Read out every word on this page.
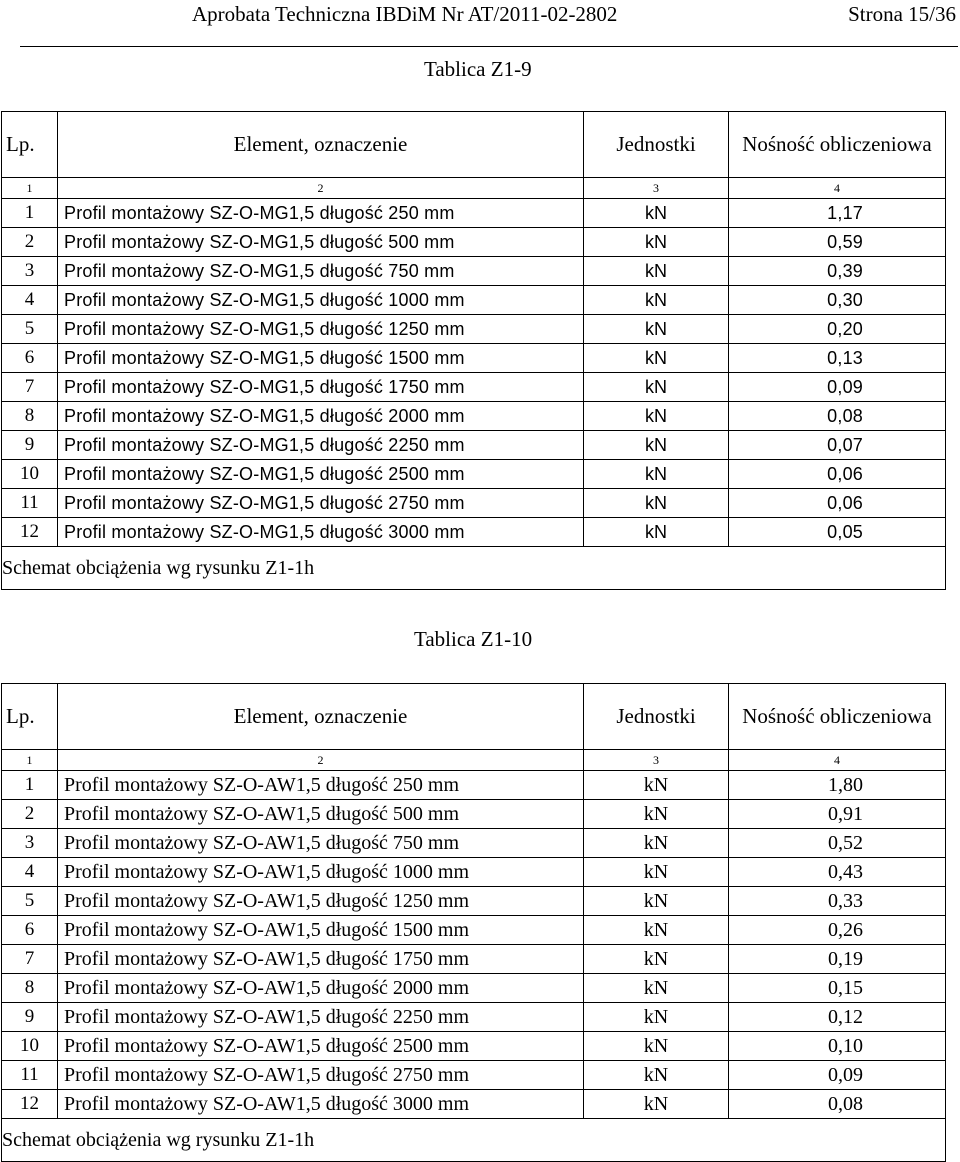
Aprobata Techniczna IBDiM Nr AT/2011-02-2802	Strona 15/36
Tablica Z1-9
Lp.	Element, oznaczenie	Jednostki	Nośność obliczeniowa
1	2	3	4
1	Profil montażowy SZ-O-MG1,5 długość 250 mm	kN	1,17
2	Profil montażowy SZ-O-MG1,5 długość 500 mm	kN	0,59
3	Profil montażowy SZ-O-MG1,5 długość 750 mm	kN	0,39
4	Profil montażowy SZ-O-MG1,5 długość 1000 mm	kN	0,30
5	Profil montażowy SZ-O-MG1,5 długość 1250 mm	kN	0,20
6	Profil montażowy SZ-O-MG1,5 długość 1500 mm	kN	0,13
7	Profil montażowy SZ-O-MG1,5 długość 1750 mm	kN	0,09
8	Profil montażowy SZ-O-MG1,5 długość 2000 mm	kN	0,08
9	Profil montażowy SZ-O-MG1,5 długość 2250 mm	kN	0,07
10	Profil montażowy SZ-O-MG1,5 długość 2500 mm	kN	0,06
11	Profil montażowy SZ-O-MG1,5 długość 2750 mm	kN	0,06
12	Profil montażowy SZ-O-MG1,5 długość 3000 mm	kN	0,05
Schemat obciążenia wg rysunku Z1-1h			
Tablica Z1-10
Lp.	Element, oznaczenie	Jednostki	Nośność obliczeniowa
1	2	3	4
1	Profil montażowy SZ-O-AW1,5 długość 250 mm	kN	1,80
2	Profil montażowy SZ-O-AW1,5 długość 500 mm	kN	0,91
3	Profil montażowy SZ-O-AW1,5 długość 750 mm	kN	0,52
4	Profil montażowy SZ-O-AW1,5 długość 1000 mm	kN	0,43
5	Profil montażowy SZ-O-AW1,5 długość 1250 mm	kN	0,33
6	Profil montażowy SZ-O-AW1,5 długość 1500 mm	kN	0,26
7	Profil montażowy SZ-O-AW1,5 długość 1750 mm	kN	0,19
8	Profil montażowy SZ-O-AW1,5 długość 2000 mm	kN	0,15
9	Profil montażowy SZ-O-AW1,5 długość 2250 mm	kN	0,12
10	Profil montażowy SZ-O-AW1,5 długość 2500 mm	kN	0,10
11	Profil montażowy SZ-O-AW1,5 długość 2750 mm	kN	0,09
12	Profil montażowy SZ-O-AW1,5 długość 3000 mm	kN	0,08
Schemat obciążenia wg rysunku Z1-1h			
